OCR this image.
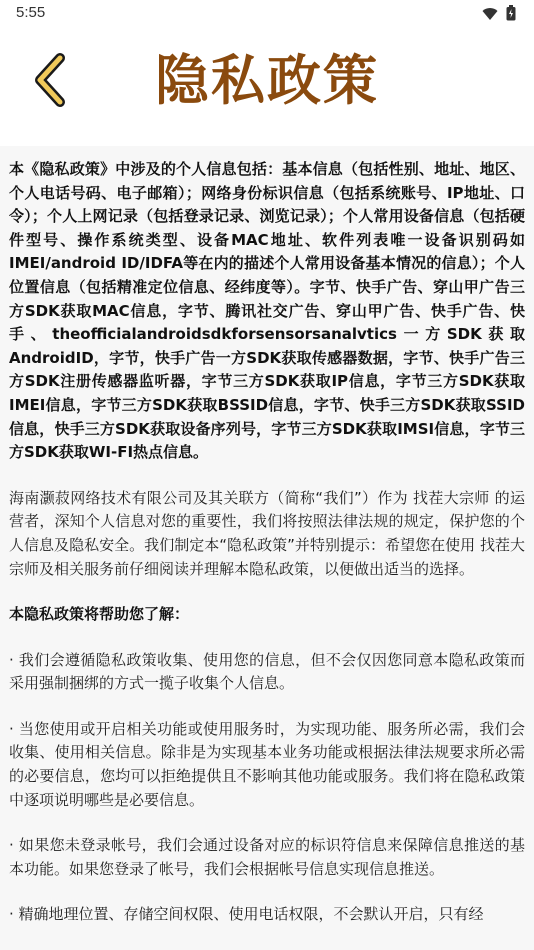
5:55
隐私政策

本《隐私政策》中涉及的个人信息包括：基本信息（包括性别、地址、地区、个人电话号码、电子邮箱）；网络身份标识信息（包括系统账号、IP地址、口令）；个人上网记录（包括登录记录、浏览记录）；个人常用设备信息（包括硬件型号、操作系统类型、设备MAC地址、软件列表唯一设备识别码如IMEI/android ID/IDFA等在内的描述个人常用设备基本情况的信息）；个人位置信息（包括精准定位信息、经纬度等）。字节、快手广告、穿山甲广告三方SDK获取MAC信息，字节、腾讯社交广告、穿山甲广告、快手广告、快手、theofficialandroidsdkforsensorsanalvtics一方SDK获取AndroidID，字节，快手广告一方SDK获取传感器数据，字节、快手广告三方SDK注册传感器监听器，字节三方SDK获取IP信息，字节三方SDK获取IMEI信息，字节三方SDK获取BSSID信息，字节、快手三方SDK获取SSID信息，快手三方SDK获取设备序列号，字节三方SDK获取IMSI信息，字节三方SDK获取WI-FI热点信息。

海南灏菽网络技术有限公司及其关联方（简称“我们”）作为 找茬大宗师 的运营者，深知个人信息对您的重要性，我们将按照法律法规的规定，保护您的个人信息及隐私安全。我们制定本“隐私政策”并特别提示：希望您在使用 找茬大宗师及相关服务前仔细阅读并理解本隐私政策，以便做出适当的选择。

本隐私政策将帮助您了解：

· 我们会遵循隐私政策收集、使用您的信息，但不会仅因您同意本隐私政策而采用强制捆绑的方式一揽子收集个人信息。

· 当您使用或开启相关功能或使用服务时，为实现功能、服务所必需，我们会收集、使用相关信息。除非是为实现基本业务功能或根据法律法规要求所必需的必要信息，您均可以拒绝提供且不影响其他功能或服务。我们将在隐私政策中逐项说明哪些是必要信息。

· 如果您未登录帐号，我们会通过设备对应的标识符信息来保障信息推送的基本功能。如果您登录了帐号，我们会根据帐号信息实现信息推送。

· 精确地理位置、存储空间权限、使用电话权限，不会默认开启，只有经
